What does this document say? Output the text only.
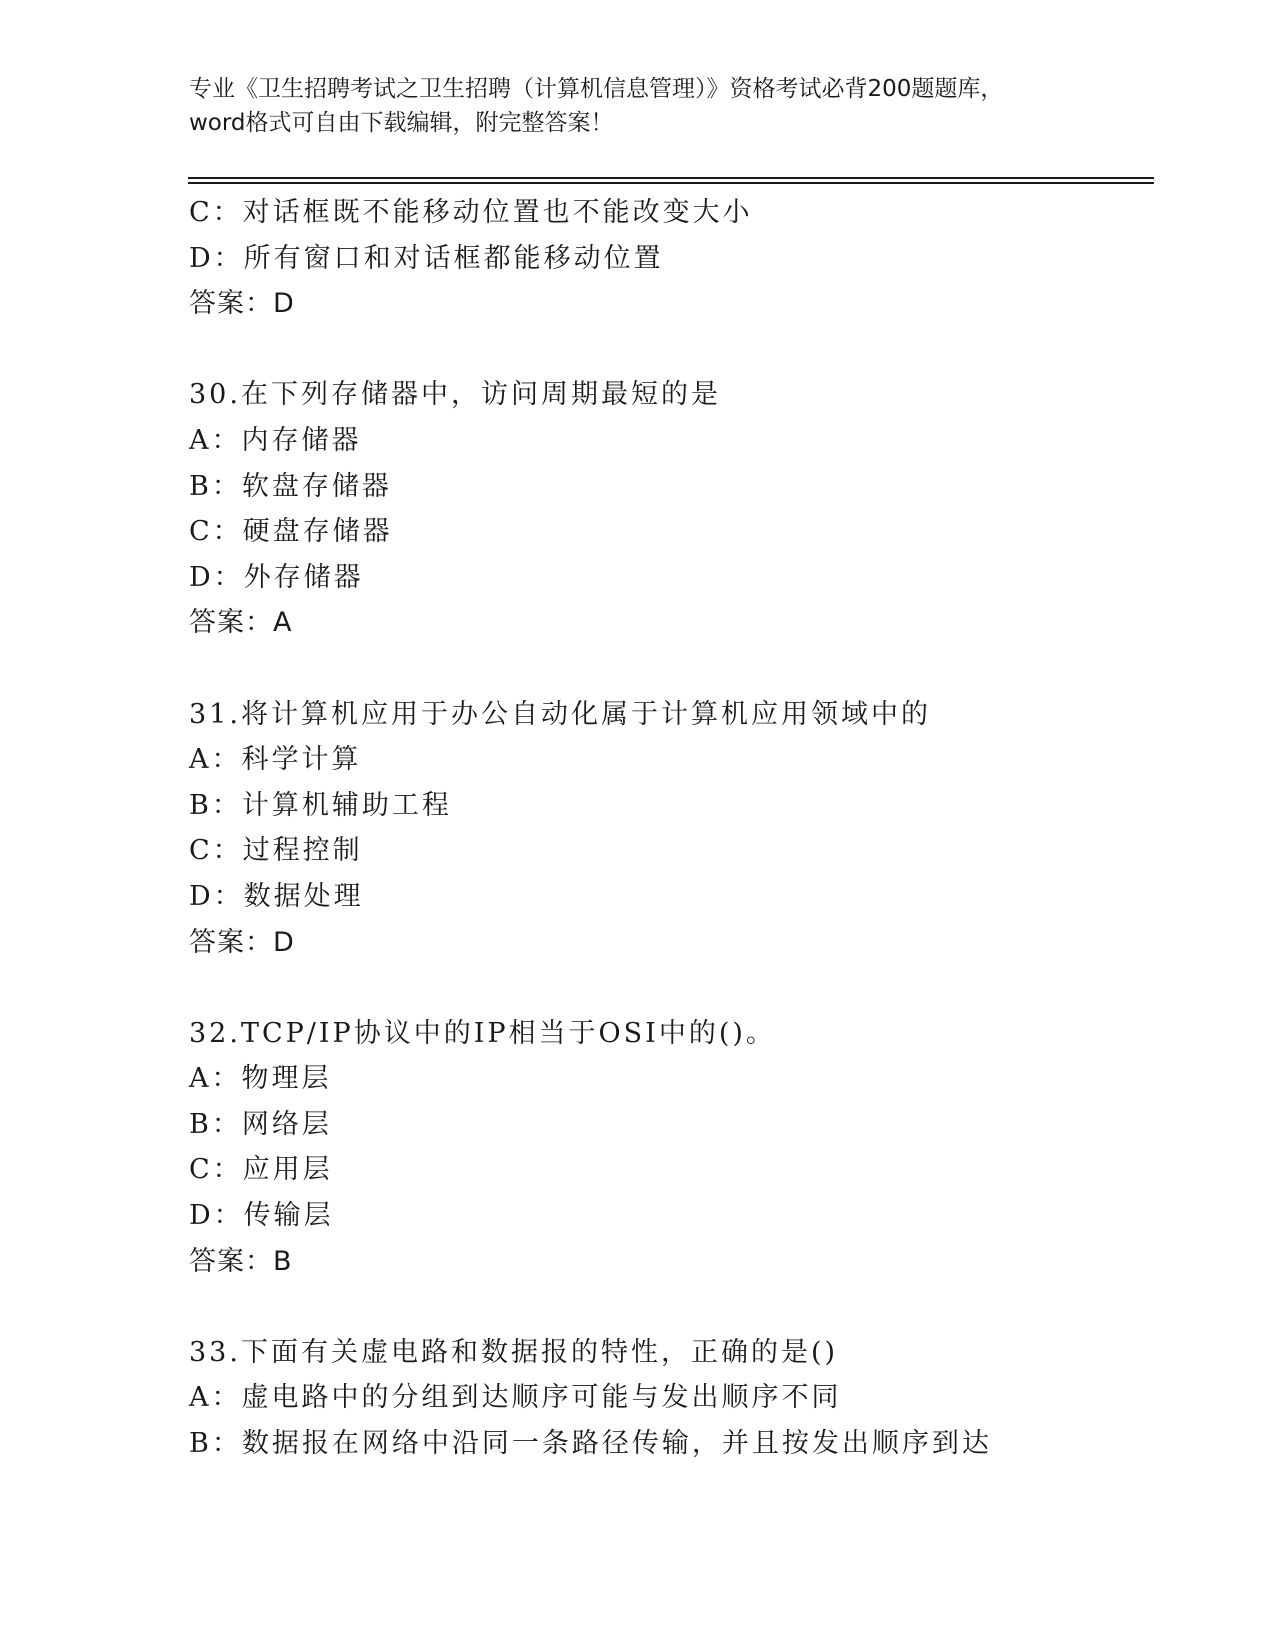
专业《卫生招聘考试之卫生招聘（计算机信息管理）》资格考试必背200题题库，
word格式可自由下载编辑，附完整答案！
C：对话框既不能移动位置也不能改变大小
D：所有窗口和对话框都能移动位置
答案：D
30.在下列存储器中，访问周期最短的是
A：内存储器
B：软盘存储器
C：硬盘存储器
D：外存储器
答案：A
31.将计算机应用于办公自动化属于计算机应用领域中的
A：科学计算
B：计算机辅助工程
C：过程控制
D：数据处理
答案：D
32.TCP/IP协议中的IP相当于OSI中的()。
A：物理层
B：网络层
C：应用层
D：传输层
答案：B
33.下面有关虚电路和数据报的特性，正确的是()
A：虚电路中的分组到达顺序可能与发出顺序不同
B：数据报在网络中沿同一条路径传输，并且按发出顺序到达
